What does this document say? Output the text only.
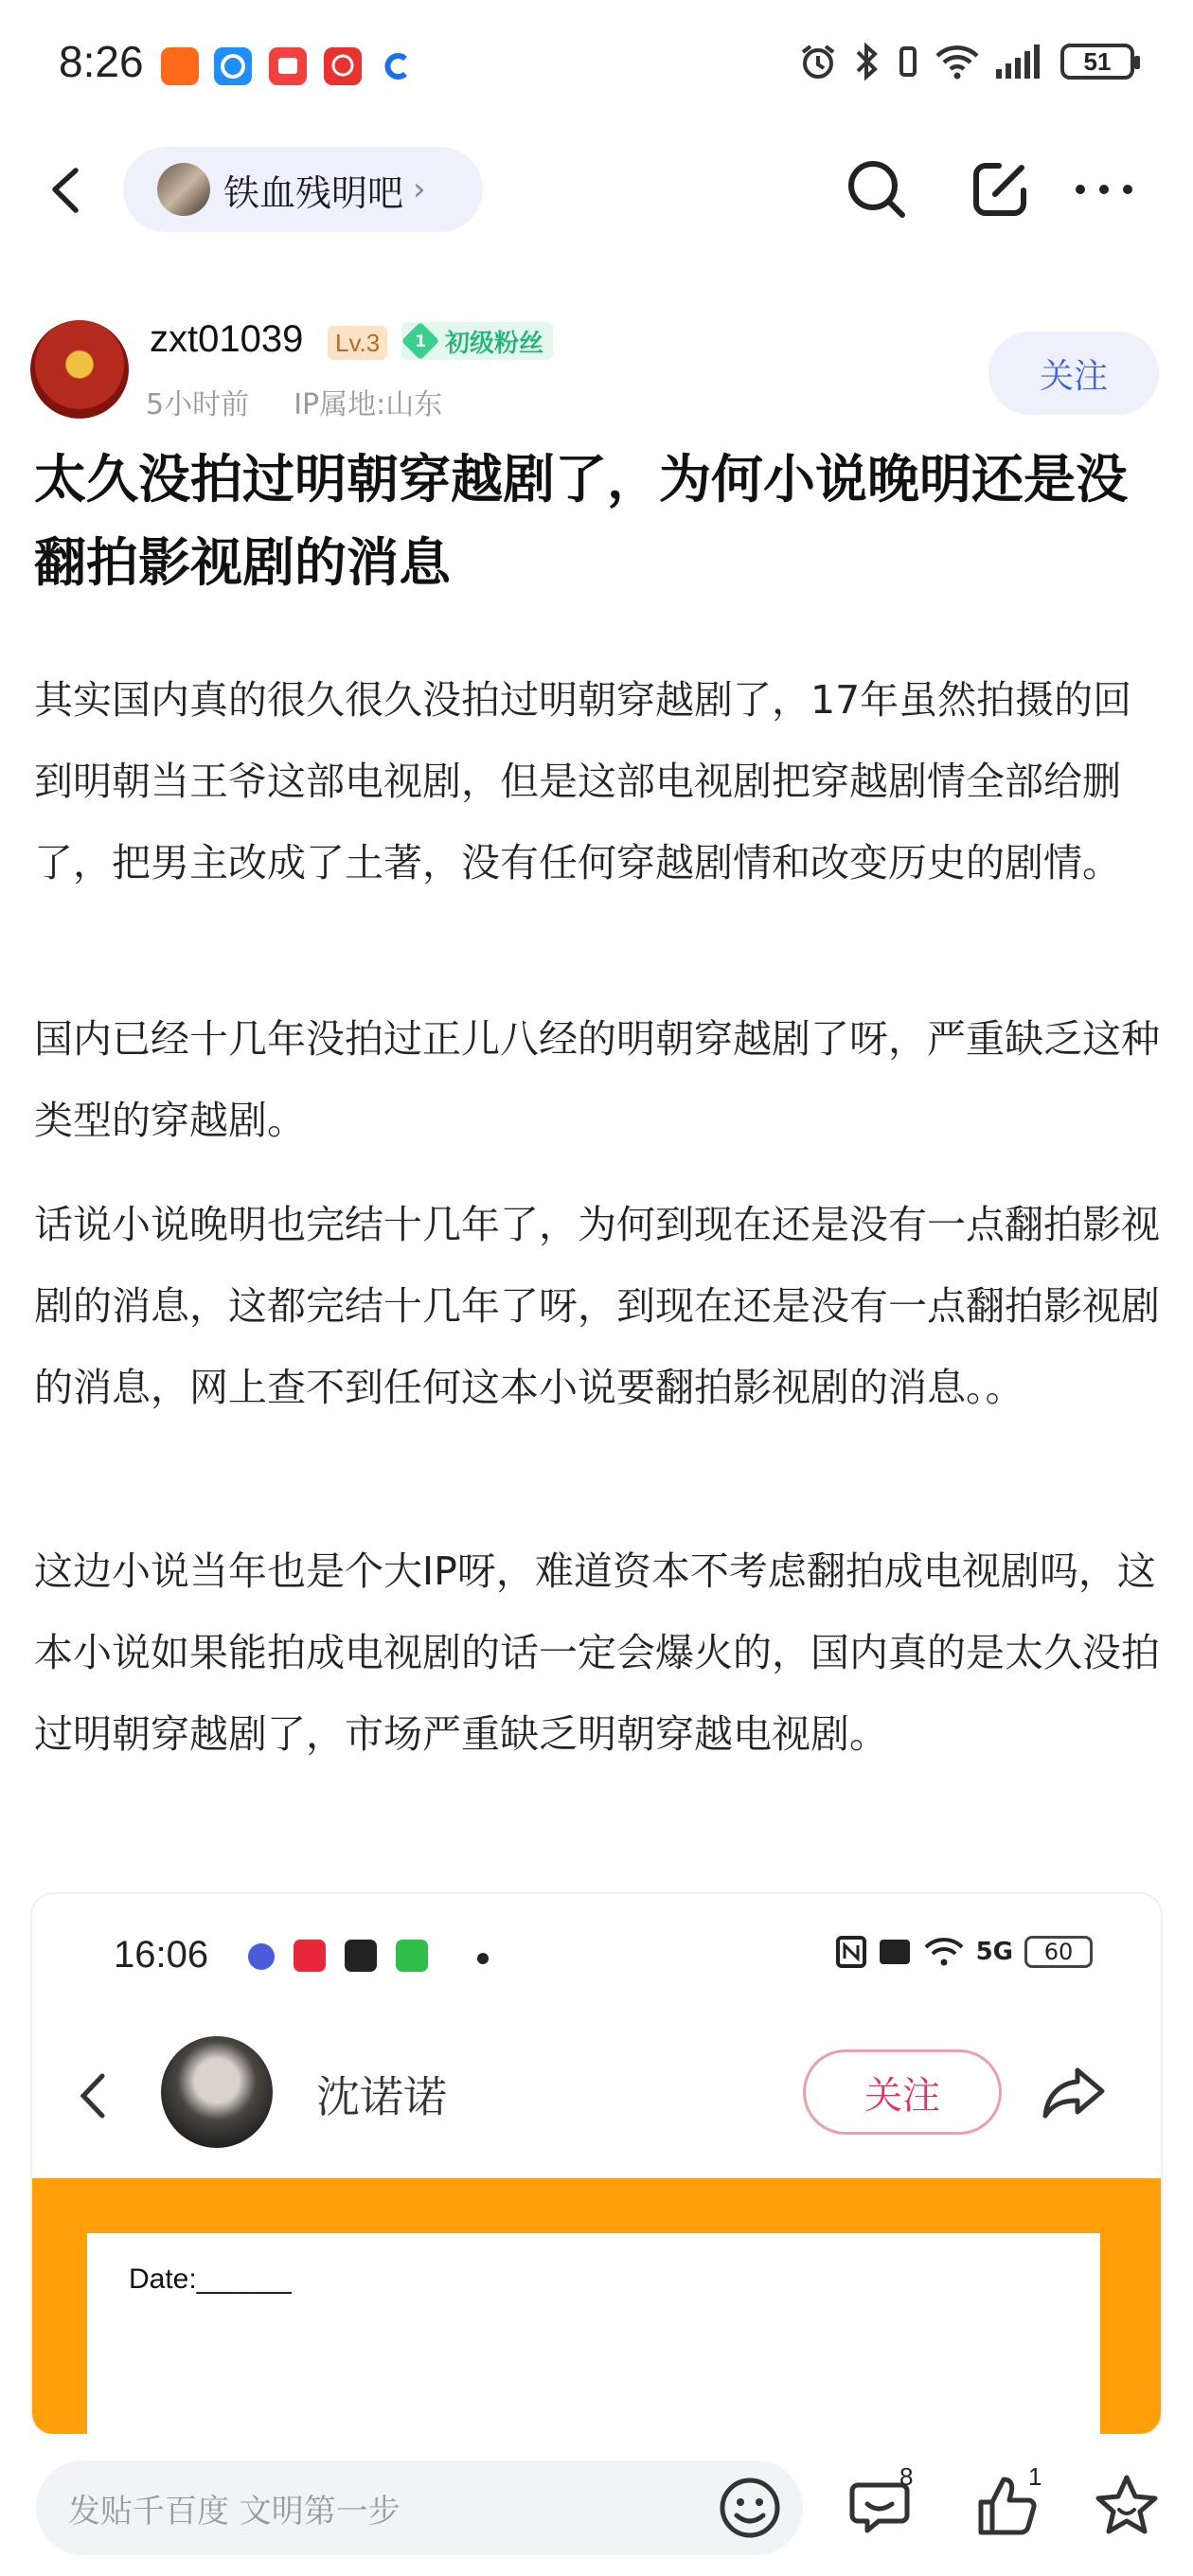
8:26	51
铁血残明吧 ›
zxt01039	Lv.3	1 初级粉丝
5小时前 IP属地:山东
关注
太久没拍过明朝穿越剧了，为何小说晚明还是没翻拍影视剧的消息
其实国内真的很久很久没拍过明朝穿越剧了，17年虽然拍摄的回到明朝当王爷这部电视剧，但是这部电视剧把穿越剧情全部给删了，把男主改成了土著，没有任何穿越剧情和改变历史的剧情。
国内已经十几年没拍过正儿八经的明朝穿越剧了呀，严重缺乏这种类型的穿越剧。
话说小说晚明也完结十几年了，为何到现在还是没有一点翻拍影视剧的消息，这都完结十几年了呀，到现在还是没有一点翻拍影视剧的消息，网上查不到任何这本小说要翻拍影视剧的消息。。
这边小说当年也是个大IP呀，难道资本不考虑翻拍成电视剧吗，这本小说如果能拍成电视剧的话一定会爆火的，国内真的是太久没拍过明朝穿越剧了，市场严重缺乏明朝穿越电视剧。
16:06	5G	60
沈诺诺	关注
Date:______
发贴千百度 文明第一步
8	1
